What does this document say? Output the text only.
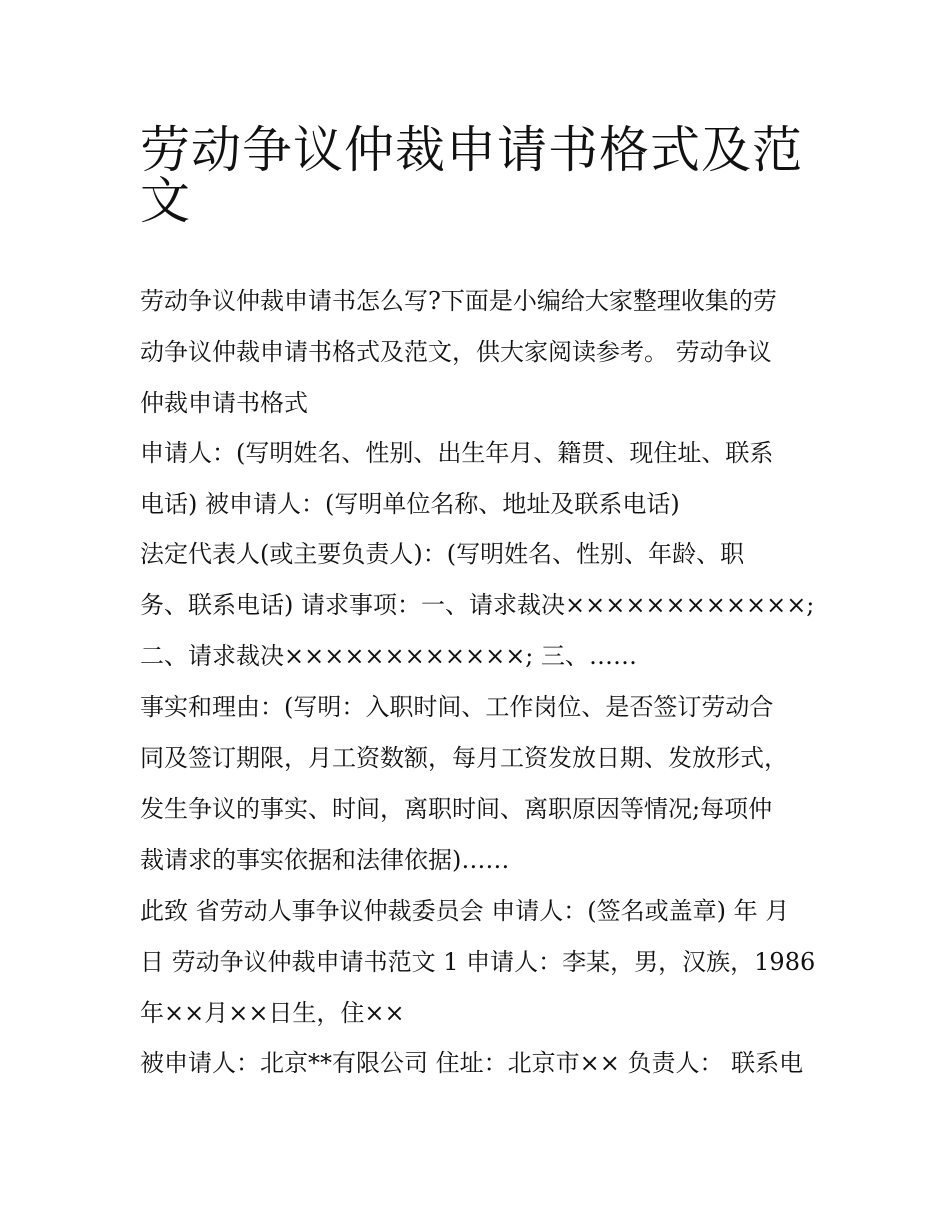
劳动争议仲裁申请书格式及范
文

劳动争议仲裁申请书怎么写?下面是小编给大家整理收集的劳
动争议仲裁申请书格式及范文，供大家阅读参考。 劳动争议
仲裁申请书格式

申请人：(写明姓名、性别、出生年月、籍贯、现住址、联系
电话) 被申请人：(写明单位名称、地址及联系电话)

法定代表人(或主要负责人)：(写明姓名、性别、年龄、职
务、联系电话) 请求事项：一、请求裁决××××××××××××;

二、请求裁决××××××××××××; 三、……

事实和理由：(写明：入职时间、工作岗位、是否签订劳动合
同及签订期限，月工资数额，每月工资发放日期、发放形式，
发生争议的事实、时间，离职时间、离职原因等情况;每项仲
裁请求的事实依据和法律依据)……

此致 省劳动人事争议仲裁委员会 申请人：(签名或盖章) 年 月
日 劳动争议仲裁申请书范文 1 申请人：李某，男，汉族，1986
年××月××日生，住××

被申请人：北京**有限公司 住址：北京市×× 负责人： 联系电
